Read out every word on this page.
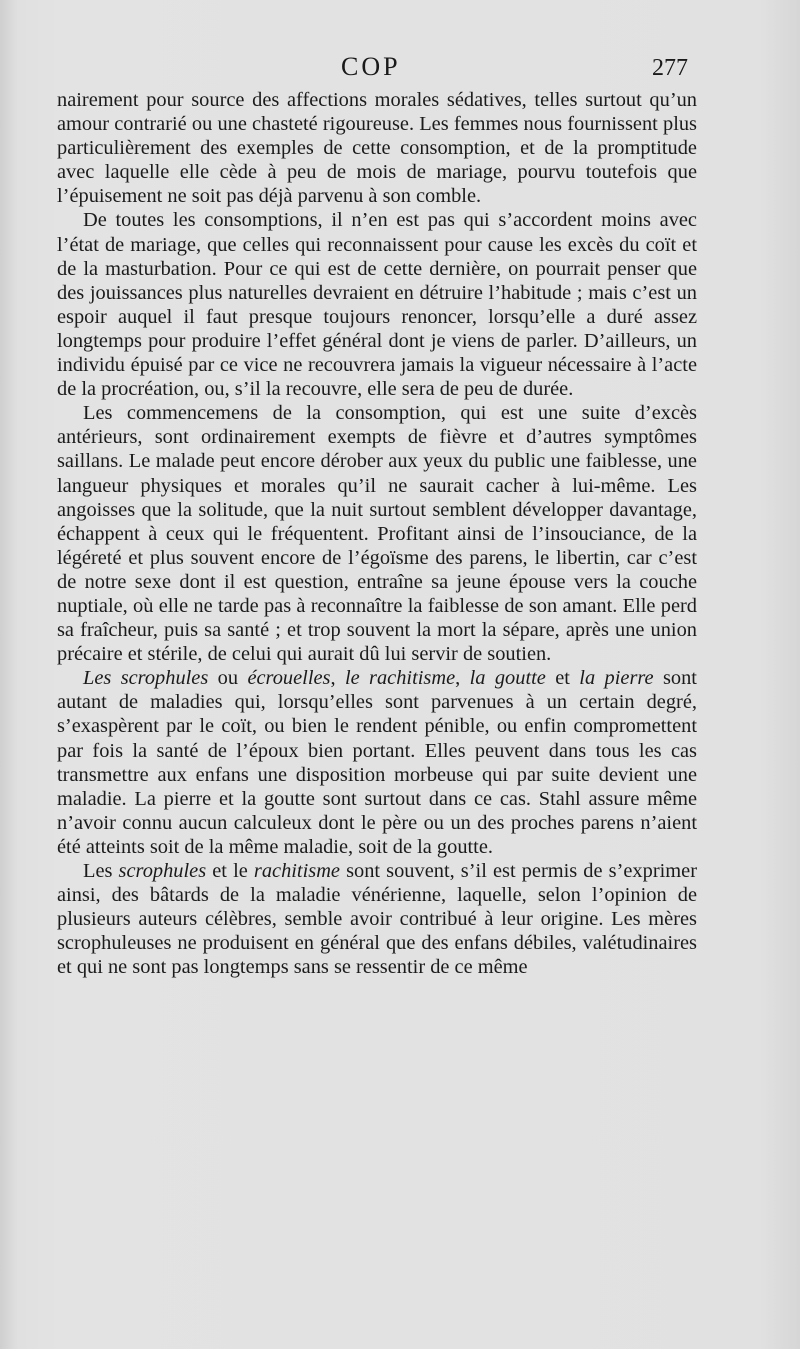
COP	277

nairement pour source des affections morales sédatives, telles surtout qu’un amour contrarié ou une chasteté rigoureuse. Les femmes nous fournissent plus particulièrement des exemples de cette consomption, et de la promptitude avec laquelle elle cède à peu de mois de mariage, pourvu toutefois que l’épuisement ne soit pas déjà parvenu à son comble.

De toutes les consomptions, il n’en est pas qui s’accordent moins avec l’état de mariage, que celles qui reconnaissent pour cause les excès du coït et de la masturbation. Pour ce qui est de cette dernière, on pourrait penser que des jouissances plus naturelles devraient en détruire l’habitude ; mais c’est un espoir auquel il faut presque toujours renoncer, lorsqu’elle a duré assez longtemps pour produire l’effet général dont je viens de parler. D’ailleurs, un individu épuisé par ce vice ne recouvrera jamais la vigueur nécessaire à l’acte de la procréation, ou, s’il la recouvre, elle sera de peu de durée.

Les commencemens de la consomption, qui est une suite d’excès antérieurs, sont ordinairement exempts de fièvre et d’autres symptômes saillans. Le malade peut encore dérober aux yeux du public une faiblesse, une langueur physiques et morales qu’il ne saurait cacher à lui-même. Les angoisses que la solitude, que la nuit surtout semblent développer davantage, échappent à ceux qui le fréquentent. Profitant ainsi de l’insouciance, de la légéreté et plus souvent encore de l’égoïsme des parens, le libertin, car c’est de notre sexe dont il est question, entraîne sa jeune épouse vers la couche nuptiale, où elle ne tarde pas à reconnaître la faiblesse de son amant. Elle perd sa fraîcheur, puis sa santé ; et trop souvent la mort la sépare, après une union précaire et stérile, de celui qui aurait dû lui servir de soutien.

Les scrophules ou écrouelles, le rachitisme, la goutte et la pierre sont autant de maladies qui, lorsqu’elles sont parvenues à un certain degré, s’exaspèrent par le coït, ou bien le rendent pénible, ou enfin compromettent par fois la santé de l’époux bien portant. Elles peuvent dans tous les cas transmettre aux enfans une disposition morbeuse qui par suite devient une maladie. La pierre et la goutte sont surtout dans ce cas. Stahl assure même n’avoir connu aucun calculeux dont le père ou un des proches parens n’aient été atteints soit de la même maladie, soit de la goutte.

Les scrophules et le rachitisme sont souvent, s’il est permis de s’exprimer ainsi, des bâtards de la maladie vénérienne, laquelle, selon l’opinion de plusieurs auteurs célèbres, semble avoir contribué à leur origine. Les mères scrophuleuses ne produisent en général que des enfans débiles, valétudinaires et qui ne sont pas longtemps sans se ressentir de ce même
